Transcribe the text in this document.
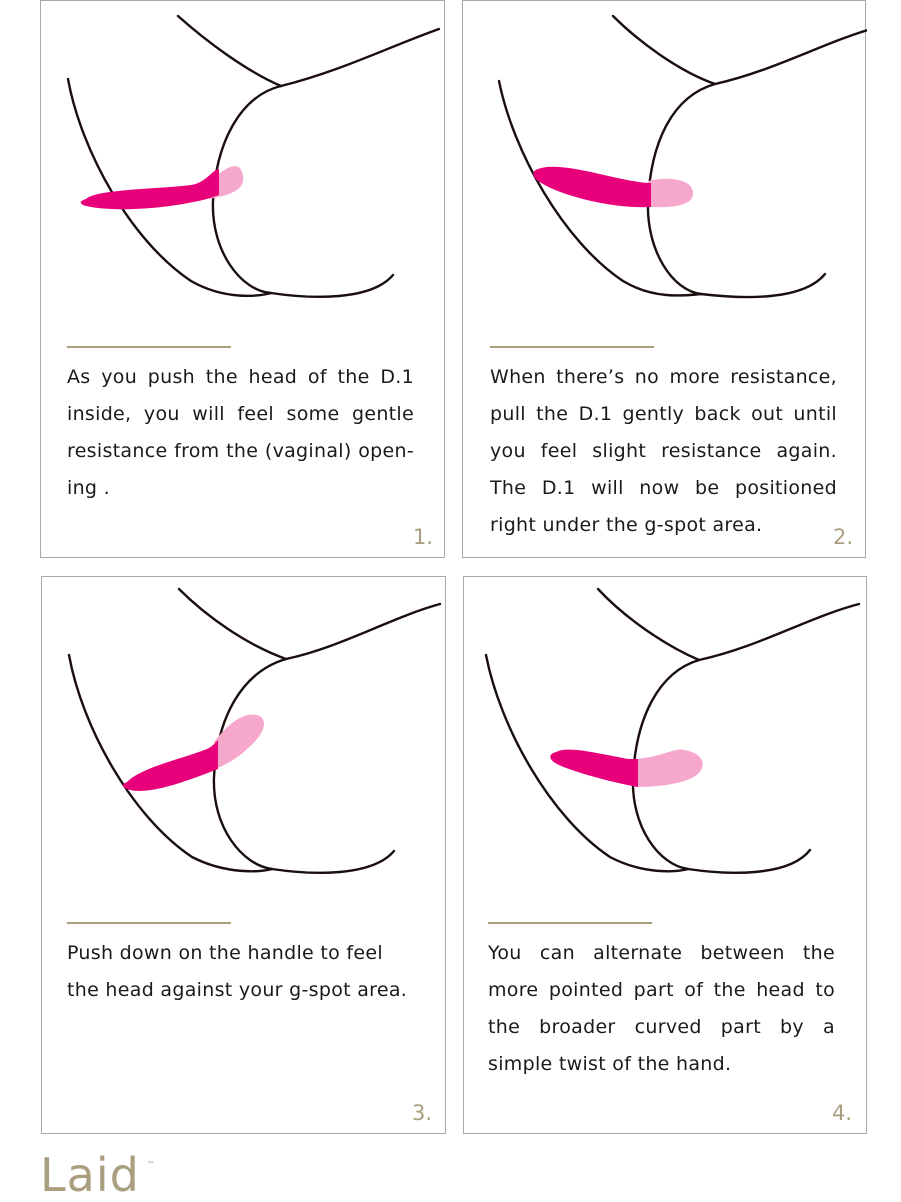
As you push the head of the D.1 inside, you will feel some gentle resistance from the (vaginal) open-ing .

1.

When there’s no more resistance, pull the D.1 gently back out until you feel slight resistance again. The D.1 will now be positioned right under the g-spot area.	2.

Push down on the handle to feel the head against your g-spot area.

3.

You can alternate between the more pointed part of the head to the broader curved part by a simple twist of the hand.

4.
Laid ™
